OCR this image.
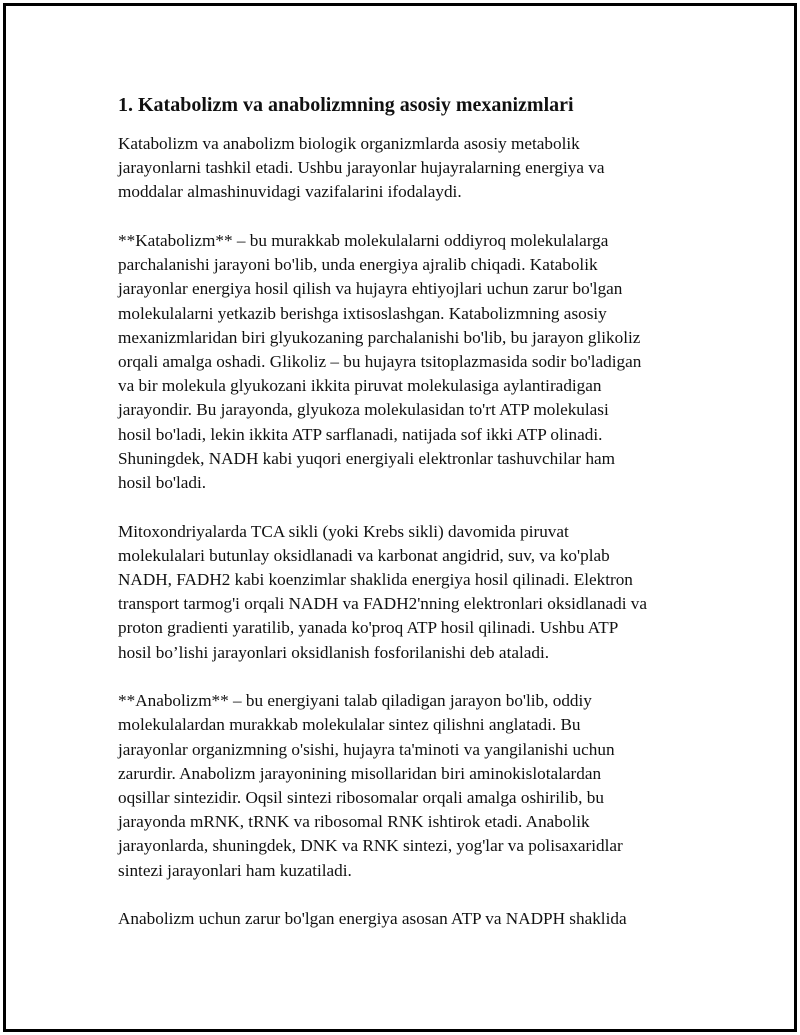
1. Katabolizm va anabolizmning asosiy mexanizmlari
Katabolizm va anabolizm biologik organizmlarda asosiy metabolik
jarayonlarni tashkil etadi. Ushbu jarayonlar hujayralarning energiya va
moddalar almashinuvidagi vazifalarini ifodalaydi.
**Katabolizm** – bu murakkab molekulalarni oddiyroq molekulalarga
parchalanishi jarayoni bo'lib, unda energiya ajralib chiqadi. Katabolik
jarayonlar energiya hosil qilish va hujayra ehtiyojlari uchun zarur bo'lgan
molekulalarni yetkazib berishga ixtisoslashgan. Katabolizmning asosiy
mexanizmlaridan biri glyukozaning parchalanishi bo'lib, bu jarayon glikoliz
orqali amalga oshadi. Glikoliz – bu hujayra tsitoplazmasida sodir bo'ladigan
va bir molekula glyukozani ikkita piruvat molekulasiga aylantiradigan
jarayondir. Bu jarayonda, glyukoza molekulasidan to'rt ATP molekulasi
hosil bo'ladi, lekin ikkita ATP sarflanadi, natijada sof ikki ATP olinadi.
Shuningdek, NADH kabi yuqori energiyali elektronlar tashuvchilar ham
hosil bo'ladi.
Mitoxondriyalarda TCA sikli (yoki Krebs sikli) davomida piruvat
molekulalari butunlay oksidlanadi va karbonat angidrid, suv, va ko'plab
NADH, FADH2 kabi koenzimlar shaklida energiya hosil qilinadi. Elektron
transport tarmog'i orqali NADH va FADH2'nning elektronlari oksidlanadi va
proton gradienti yaratilib, yanada ko'proq ATP hosil qilinadi. Ushbu ATP
hosil bo’lishi jarayonlari oksidlanish fosforilanishi deb ataladi.
**Anabolizm** – bu energiyani talab qiladigan jarayon bo'lib, oddiy
molekulalardan murakkab molekulalar sintez qilishni anglatadi. Bu
jarayonlar organizmning o'sishi, hujayra ta'minoti va yangilanishi uchun
zarurdir. Anabolizm jarayonining misollaridan biri aminokislotalardan
oqsillar sintezidir. Oqsil sintezi ribosomalar orqali amalga oshirilib, bu
jarayonda mRNK, tRNK va ribosomal RNK ishtirok etadi. Anabolik
jarayonlarda, shuningdek, DNK va RNK sintezi, yog'lar va polisaxaridlar
sintezi jarayonlari ham kuzatiladi.
Anabolizm uchun zarur bo'lgan energiya asosan ATP va NADPH shaklida
